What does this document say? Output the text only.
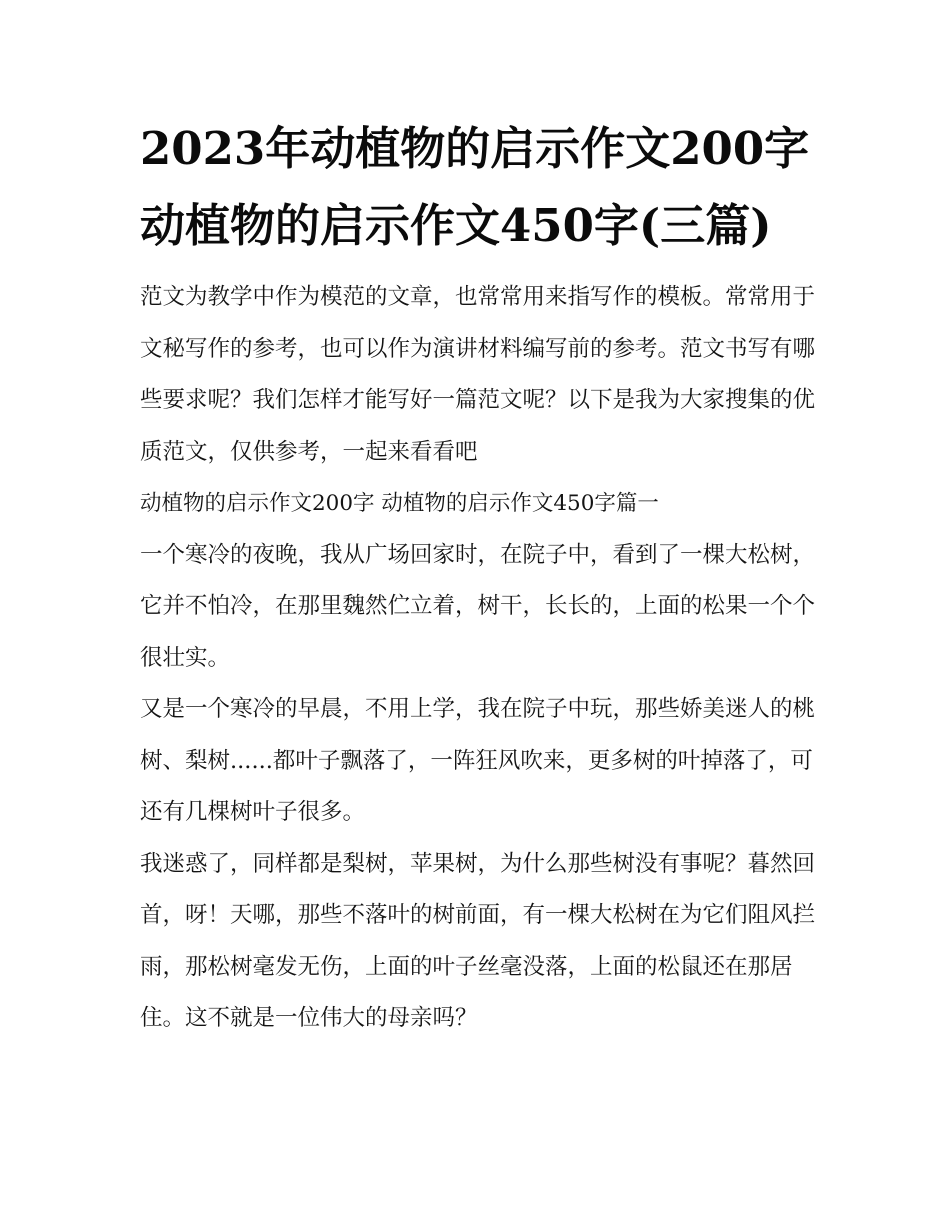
2023年动植物的启示作文200字 动植物的启示作文450字(三篇)

范文为教学中作为模范的文章，也常常用来指写作的模板。常常用于文秘写作的参考，也可以作为演讲材料编写前的参考。范文书写有哪些要求呢？我们怎样才能写好一篇范文呢？以下是我为大家搜集的优质范文，仅供参考，一起来看看吧

动植物的启示作文200字 动植物的启示作文450字篇一

一个寒冷的夜晚，我从广场回家时，在院子中，看到了一棵大松树，它并不怕冷，在那里魏然伫立着，树干，长长的，上面的松果一个个很壮实。

又是一个寒冷的早晨，不用上学，我在院子中玩，那些娇美迷人的桃树、梨树......都叶子飘落了，一阵狂风吹来，更多树的叶掉落了，可还有几棵树叶子很多。

我迷惑了，同样都是梨树，苹果树，为什么那些树没有事呢？暮然回首，呀！天哪，那些不落叶的树前面，有一棵大松树在为它们阻风拦雨，那松树毫发无伤，上面的叶子丝毫没落，上面的松鼠还在那居住。这不就是一位伟大的母亲吗？
